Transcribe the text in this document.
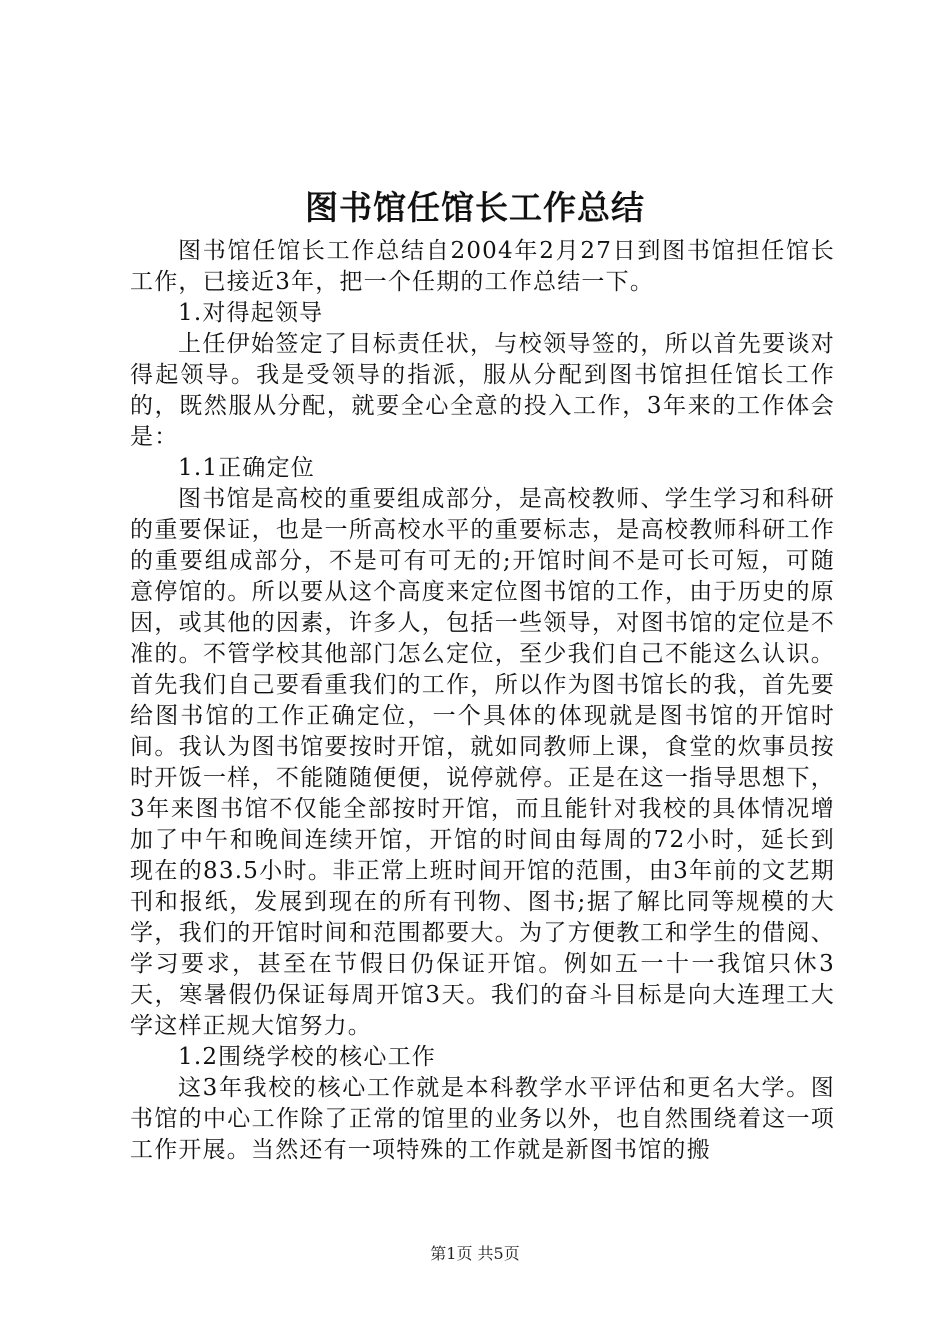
图书馆任馆长工作总结

图书馆任馆长工作总结自2004年2月27日到图书馆担任馆长工作，已接近3年，把一个任期的工作总结一下。

1.对得起领导

上任伊始签定了目标责任状，与校领导签的，所以首先要谈对得起领导。我是受领导的指派，服从分配到图书馆担任馆长工作的，既然服从分配，就要全心全意的投入工作，3年来的工作体会是：

1.1正确定位

图书馆是高校的重要组成部分，是高校教师、学生学习和科研的重要保证，也是一所高校水平的重要标志，是高校教师科研工作的重要组成部分，不是可有可无的;开馆时间不是可长可短，可随意停馆的。所以要从这个高度来定位图书馆的工作，由于历史的原因，或其他的因素，许多人，包括一些领导，对图书馆的定位是不准的。不管学校其他部门怎么定位，至少我们自己不能这么认识。首先我们自己要看重我们的工作，所以作为图书馆长的我，首先要给图书馆的工作正确定位，一个具体的体现就是图书馆的开馆时间。我认为图书馆要按时开馆，就如同教师上课，食堂的炊事员按时开饭一样，不能随随便便，说停就停。正是在这一指导思想下，3年来图书馆不仅能全部按时开馆，而且能针对我校的具体情况增加了中午和晚间连续开馆，开馆的时间由每周的72小时，延长到现在的83.5小时。非正常上班时间开馆的范围，由3年前的文艺期刊和报纸，发展到现在的所有刊物、图书;据了解比同等规模的大学，我们的开馆时间和范围都要大。为了方便教工和学生的借阅、学习要求，甚至在节假日仍保证开馆。例如五一十一我馆只休3天，寒暑假仍保证每周开馆3天。我们的奋斗目标是向大连理工大学这样正规大馆努力。

1.2围绕学校的核心工作

这3年我校的核心工作就是本科教学水平评估和更名大学。图书馆的中心工作除了正常的馆里的业务以外，也自然围绕着这一项工作开展。当然还有一项特殊的工作就是新图书馆的搬

第1页 共5页
